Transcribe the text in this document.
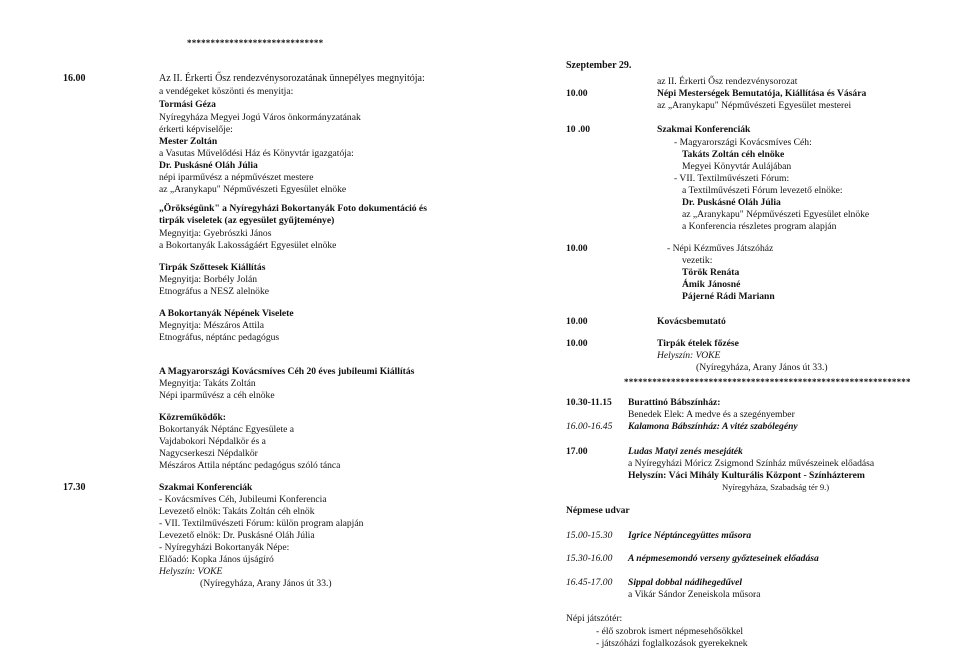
*****************************
16.00	Az II. Érkerti Ősz rendezvénysorozatának ünnepélyes megnyitója:
a vendégeket köszönti és menyitja:
Tormási Géza
Nyíregyháza Megyei Jogú Város önkormányzatának
érkerti képviselője:
Mester Zoltán
a Vasutas Művelődési Ház és Könyvtár igazgatója:
Dr. Puskásné Oláh Júlia
népi iparművész a népművészet mestere
az „Aranykapu" Népművészeti Egyesület elnöke
„Örökségünk" a Nyíregyházi Bokortanyák Foto dokumentáció és
tirpák viseletek (az egyesület gyűjteménye)
Megnyitja: Gyebrószki János
a Bokortanyák Lakosságáért Egyesület elnöke
Tirpák Szőttesek Kiállítás
Megnyitja: Borbély Jolán
Etnográfus a NESZ alelnöke
A Bokortanyák Népének Viselete
Megnyitja: Mészáros Attila
Etnográfus, néptánc pedagógus
A Magyarországi Kovácsmíves Céh 20 éves jubileumi Kiállítás
Megnyitja: Takáts Zoltán
Népi iparművész a céh elnöke
Közreműködők:
Bokortanyák Néptánc Egyesülete a
Vajdabokori Népdalkör és a
Nagycserkeszi Népdalkör
Mészáros Attila néptánc pedagógus szóló tánca
17.30	Szakmai Konferenciák
- Kovácsmíves Céh, Jubileumi Konferencia
Levezető elnök: Takáts Zoltán céh elnök
- VII. Textilművészeti Fórum: külön program alapján
Levezető elnök: Dr. Puskásné Oláh Júlia
- Nyíregyházi Bokortanyák Népe:
Előadó: Kopka János újságíró
Helyszín: VOKE
(Nyíregyháza, Arany János út 33.)
Szeptember 29.
az II. Érkerti Ősz rendezvénysorozat
10.00	Népi Mesterségek Bemutatója, Kiállítása és Vására
az „Aranykapu" Népművészeti Egyesület mesterei
10 .00	Szakmai Konferenciák
- Magyarországi Kovácsmíves Céh:
Takáts Zoltán céh elnöke
Megyei Könyvtár Aulájában
- VII. Textilművészeti Fórum:
a Textilművészeti Fórum levezető elnöke:
Dr. Puskásné Oláh Júlia
az „Aranykapu" Népművészeti Egyesület elnöke
a Konferencia részletes program alapján
10.00	- Népi Kézműves Játszóház
vezetik:
Török Renáta
Ámik Jánosné
Pájerné Rádi Mariann
10.00	Kovácsbemutató
10.00	Tirpák ételek főzése
Helyszín: VOKE
(Nyíregyháza, Arany János út 33.)
*************************************************************
10.30-11.15 Burattinó Bábszínház:
Benedek Elek: A medve és a szegényember
16.00-16.45 Kalamona Bábszínház: A vitéz szabólegény
17.00	Ludas Matyi zenés mesejáték
a Nyíregyházi Móricz Zsigmond Színház művészeinek előadása
Helyszín: Váci Mihály Kulturális Központ - Színházterem
Nyíregyháza, Szabadság tér 9.)
Népmese udvar
15.00-15.30 Igrice Néptáncegyüttes műsora
15.30-16.00 A népmesemondó verseny győzteseinek előadása
16.45-17.00 Sippal dobbal nádihegedűvel
a Vikár Sándor Zeneiskola műsora
Népi játszótér:
- élő szobrok ismert népmesehősökkel
- játszóházi foglalkozások gyerekeknek
